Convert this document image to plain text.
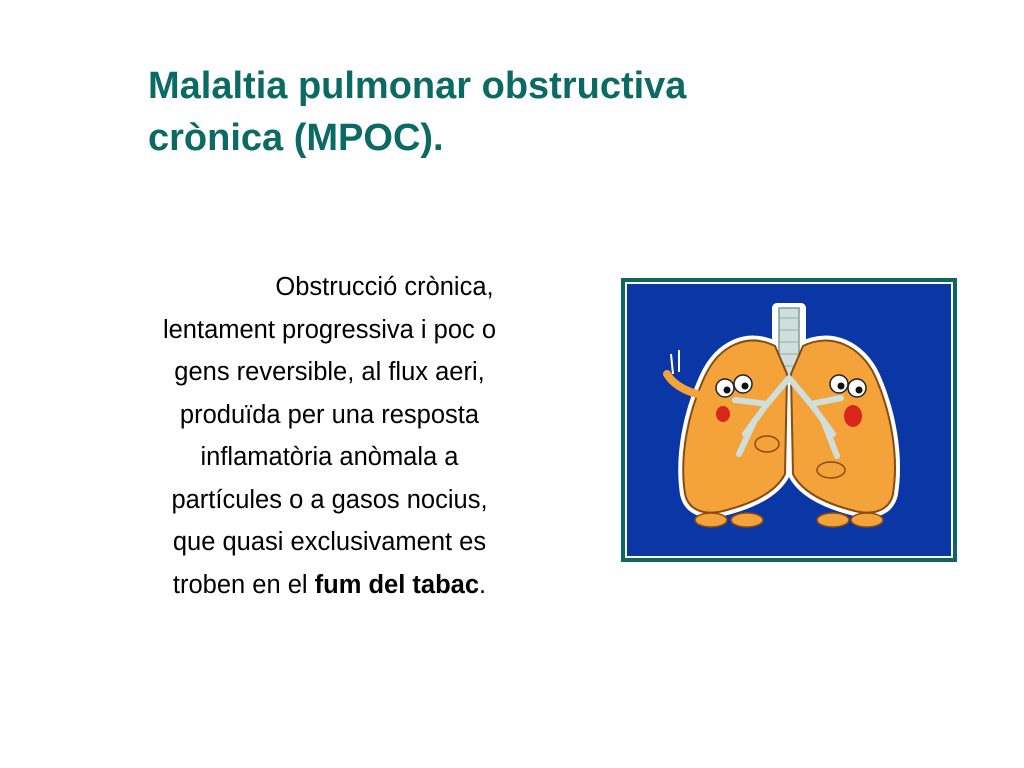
Malaltia pulmonar obstructiva
crònica (MPOC).

Obstrucció crònica,
lentament progressiva i poc o
gens reversible, al flux aeri,
produïda per una resposta
inflamatòria anòmala a
partícules o a gasos nocius,
que quasi exclusivament es
troben en el fum del tabac.
